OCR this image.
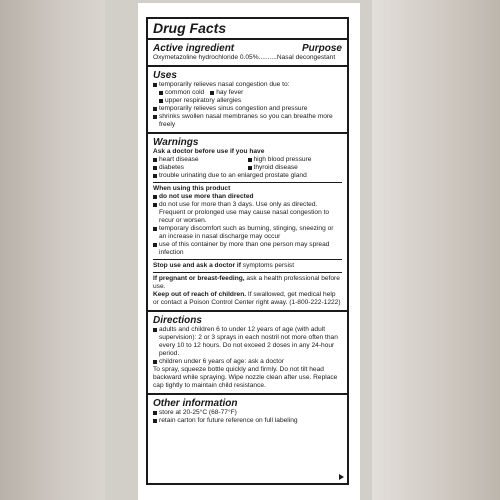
Drug Facts
Active ingredient	Purpose
Oxymetazoline hydrochloride 0.05%..........Nasal decongestant
Uses
temporarily relieves nasal congestion due to:
common cold hay fever
upper respiratory allergies
temporarily relieves sinus congestion and pressure
shrinks swollen nasal membranes so you can breathe more freely
Warnings
Ask a doctor before use if you have
heart disease	high blood pressure
diabetes	thyroid disease
trouble urinating due to an enlarged prostate gland
When using this product
do not use more than directed
do not use for more than 3 days. Use only as directed. Frequent or prolonged use may cause nasal congestion to recur or worsen.
temporary discomfort such as burning, stinging, sneezing or an increase in nasal discharge may occur
use of this container by more than one person may spread infection
Stop use and ask a doctor if symptoms persist
If pregnant or breast-feeding, ask a health professional before use.
Keep out of reach of children. If swallowed, get medical help or contact a Poison Control Center right away. (1-800-222-1222)
Directions
adults and children 6 to under 12 years of age (with adult supervision): 2 or 3 sprays in each nostril not more often than every 10 to 12 hours. Do not exceed 2 doses in any 24-hour period.
children under 6 years of age: ask a doctor
To spray, squeeze bottle quickly and firmly. Do not tilt head backward while spraying. Wipe nozzle clean after use. Replace cap tightly to maintain child resistance.
Other information
store at 20-25°C (68-77°F)
retain carton for future reference on full labeling
